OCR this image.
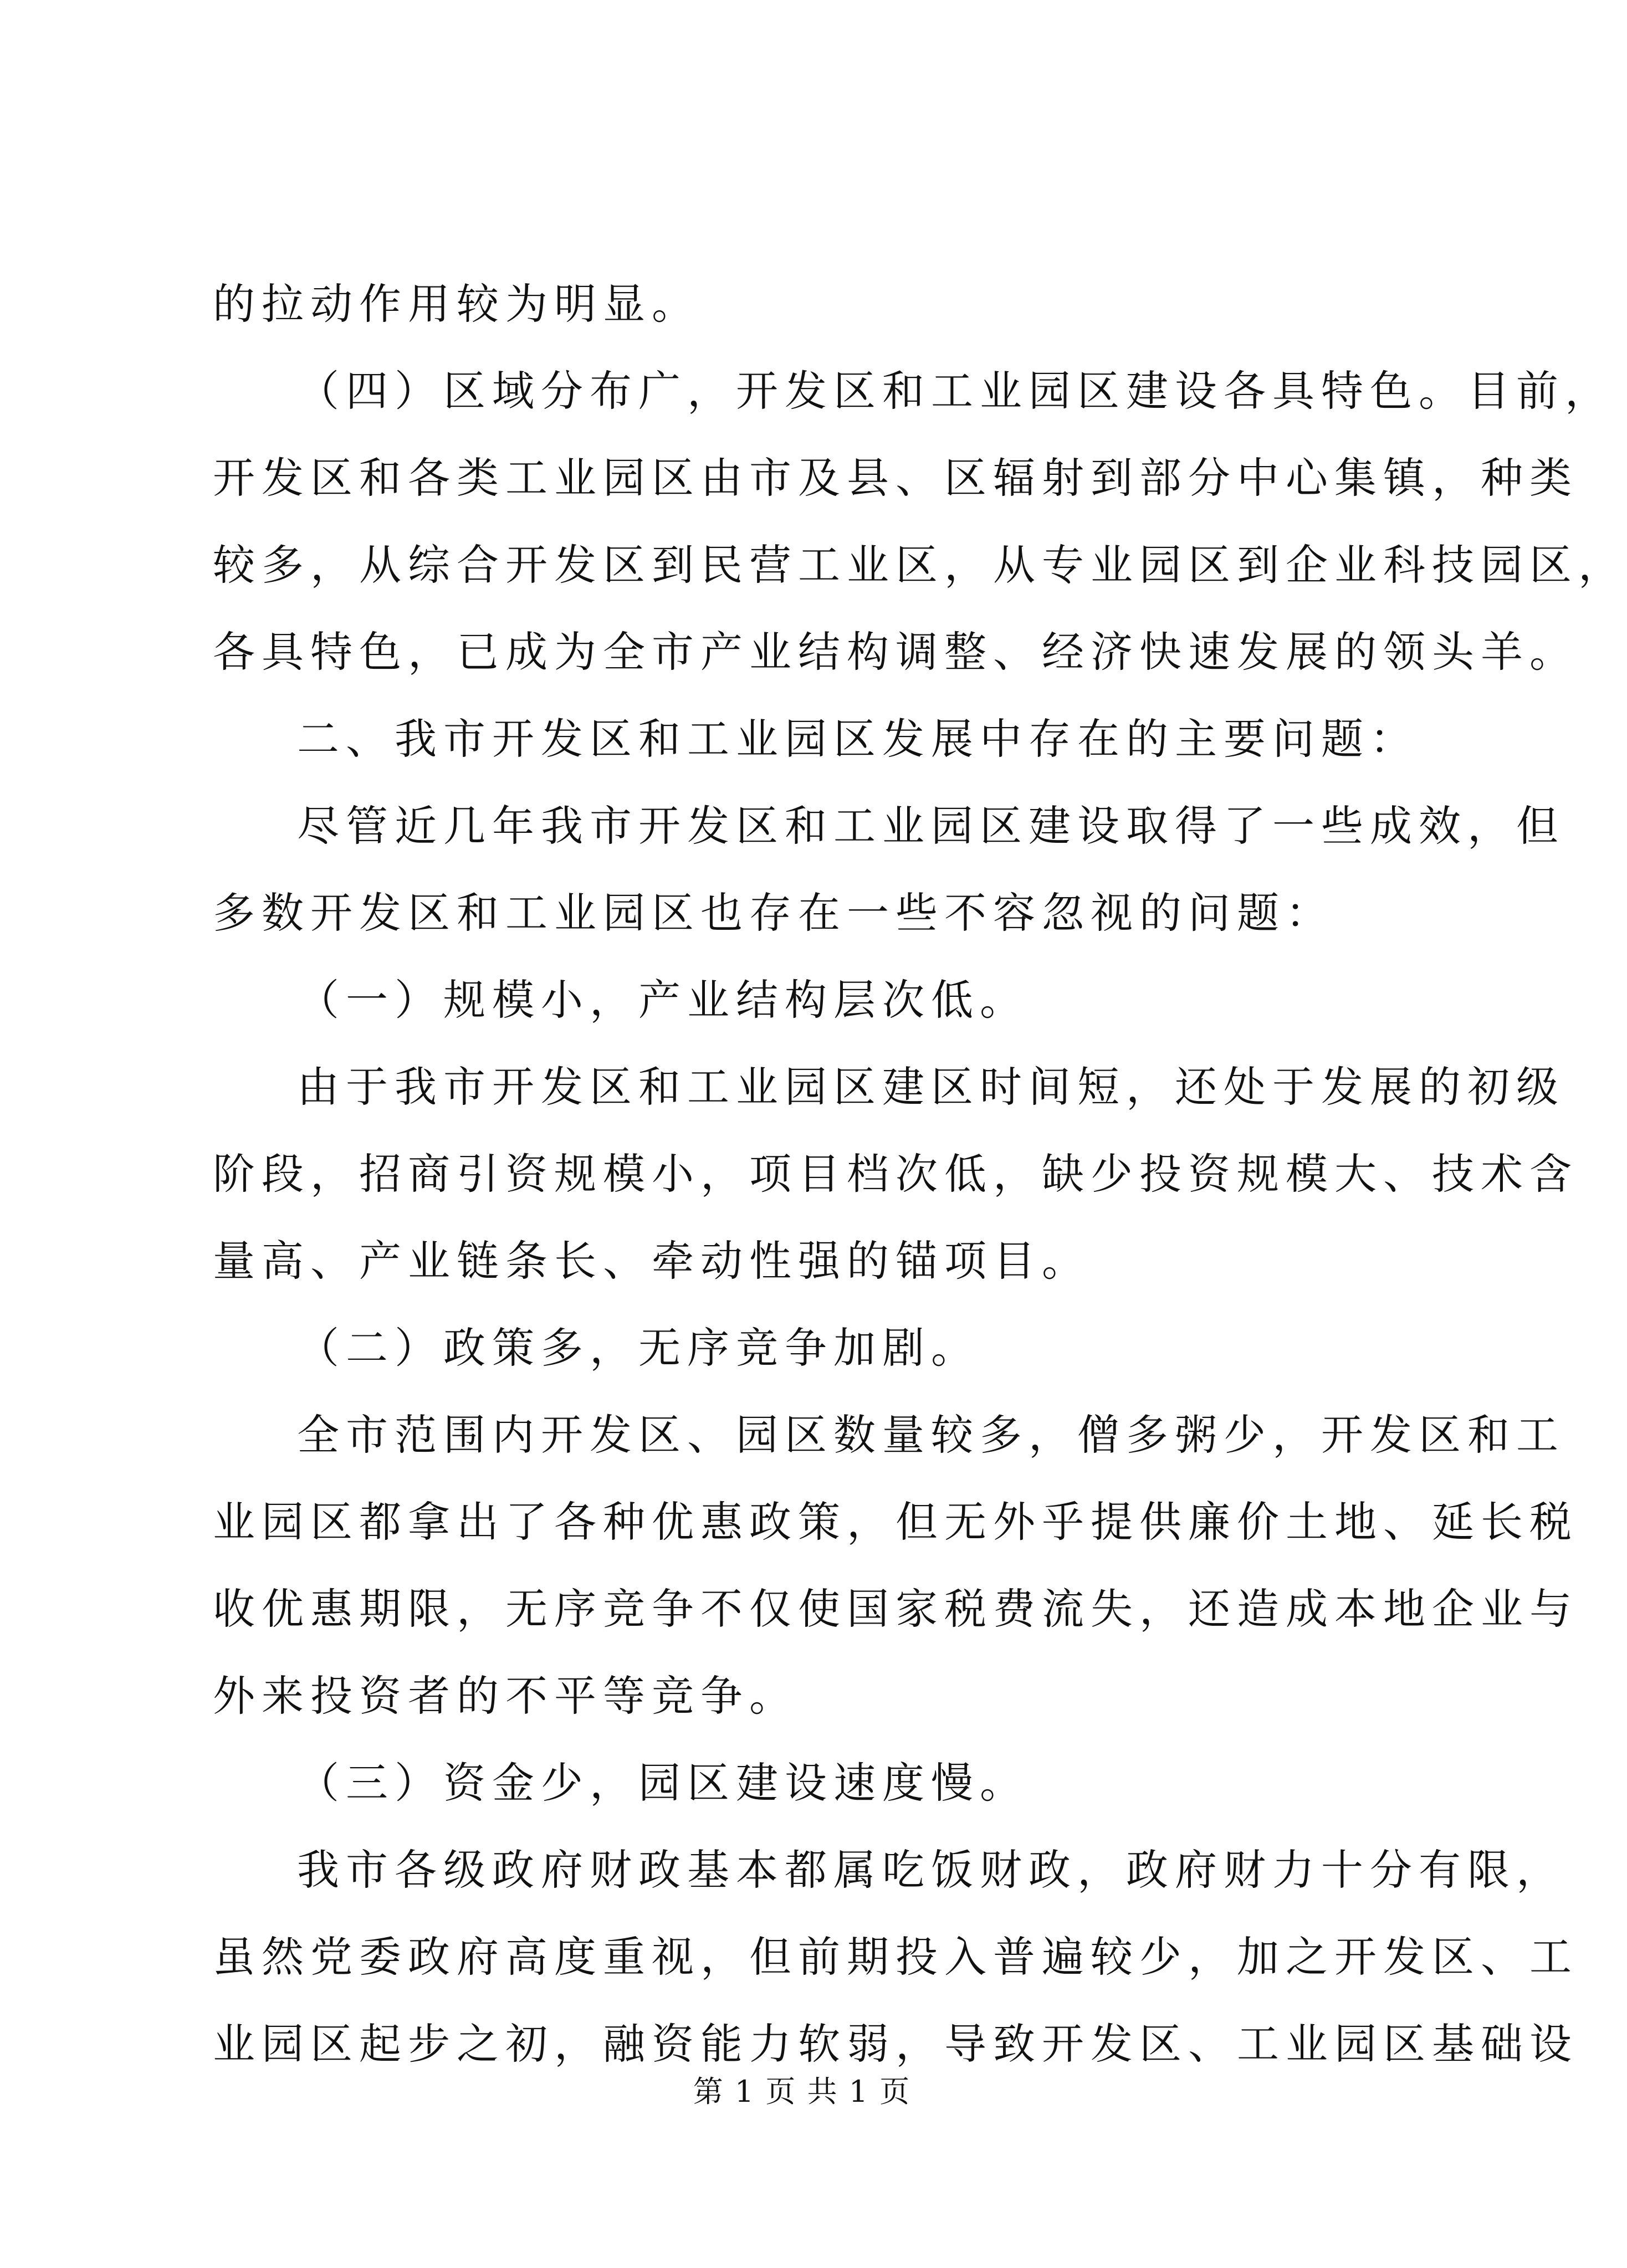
的拉动作用较为明显。
（四）区域分布广，开发区和工业园区建设各具特色。目前，
开发区和各类工业园区由市及县、区辐射到部分中心集镇，种类
较多，从综合开发区到民营工业区，从专业园区到企业科技园区，
各具特色，已成为全市产业结构调整、经济快速发展的领头羊。
二、我市开发区和工业园区发展中存在的主要问题：
尽管近几年我市开发区和工业园区建设取得了一些成效，但
多数开发区和工业园区也存在一些不容忽视的问题：
（一）规模小，产业结构层次低。
由于我市开发区和工业园区建区时间短，还处于发展的初级
阶段，招商引资规模小，项目档次低，缺少投资规模大、技术含
量高、产业链条长、牵动性强的锚项目。
（二）政策多，无序竞争加剧。
全市范围内开发区、园区数量较多，僧多粥少，开发区和工
业园区都拿出了各种优惠政策，但无外乎提供廉价土地、延长税
收优惠期限，无序竞争不仅使国家税费流失，还造成本地企业与
外来投资者的不平等竞争。
（三）资金少，园区建设速度慢。
我市各级政府财政基本都属吃饭财政，政府财力十分有限，
虽然党委政府高度重视，但前期投入普遍较少，加之开发区、工
业园区起步之初，融资能力软弱，导致开发区、工业园区基础设
第 1 页 共 1 页
